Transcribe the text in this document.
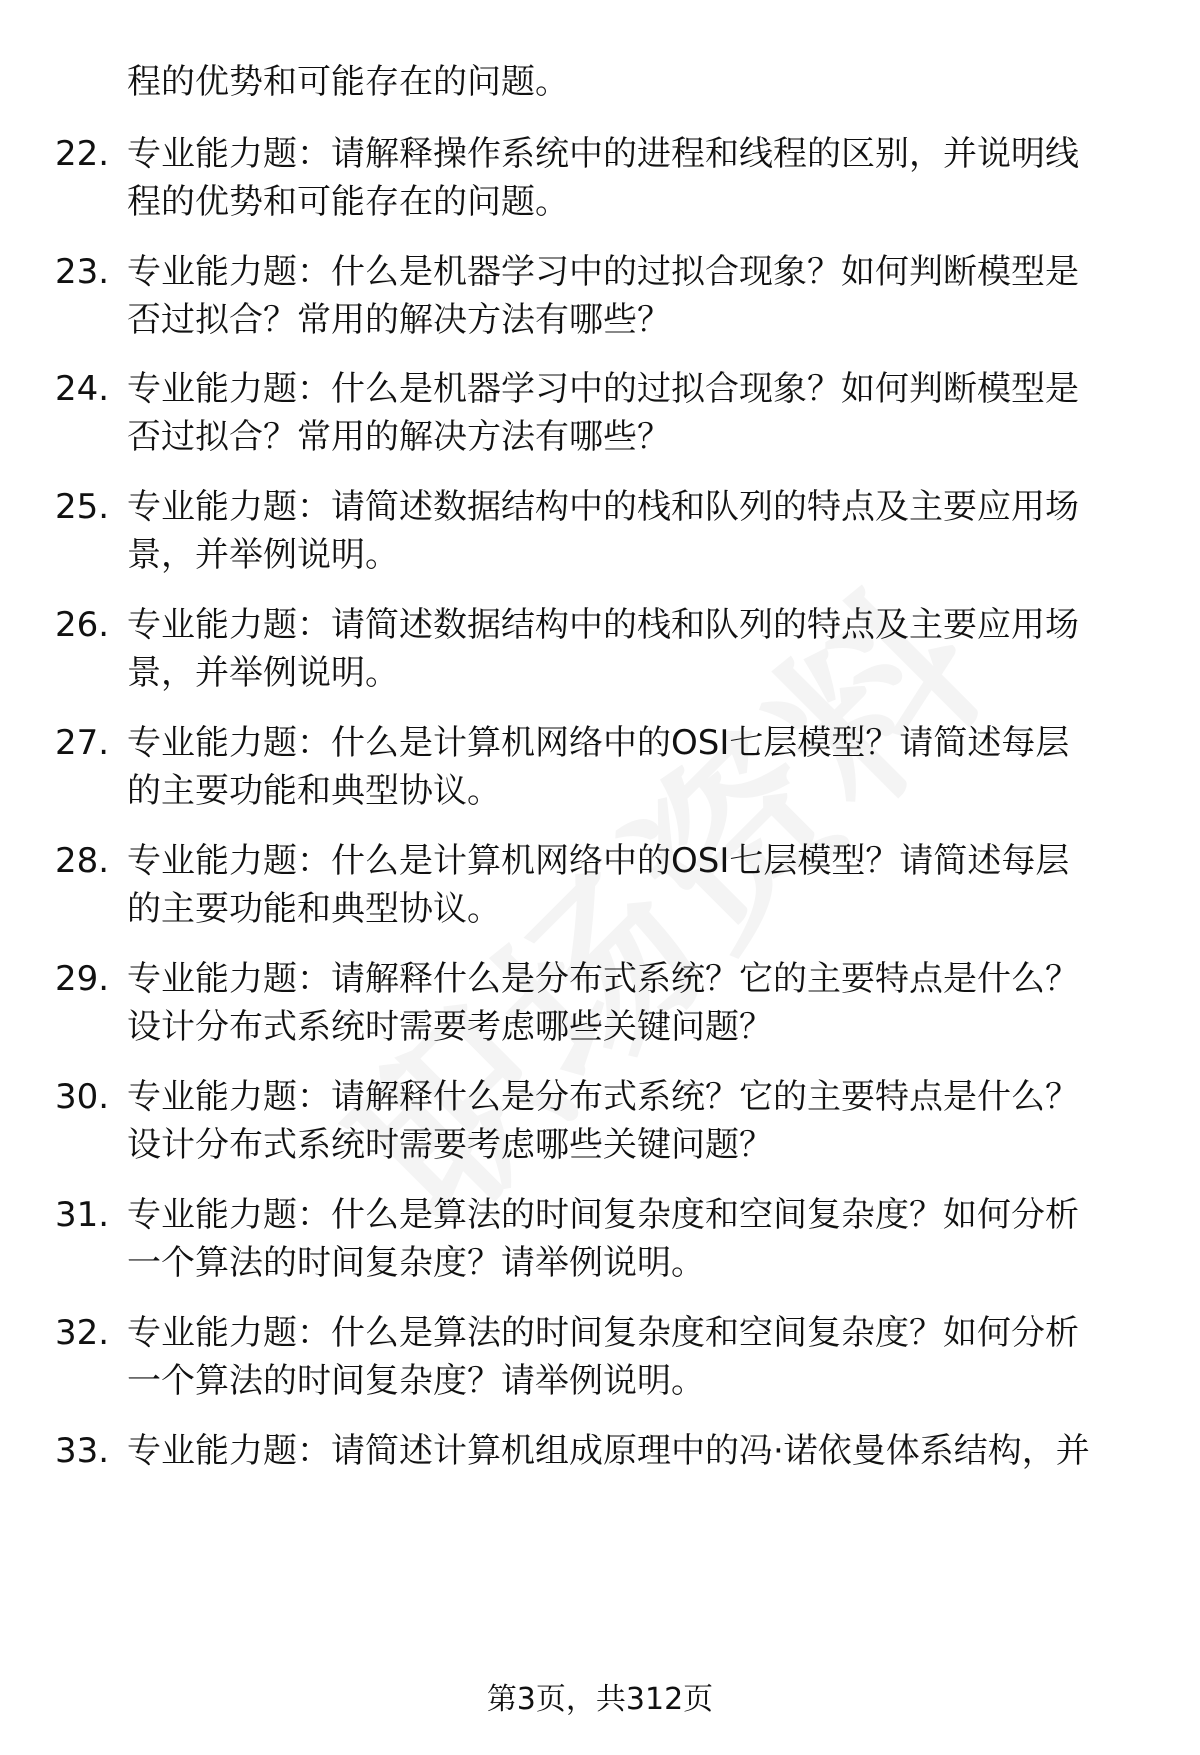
程的优势和可能存在的问题。
22. 专业能力题：请解释操作系统中的进程和线程的区别，并说明线
程的优势和可能存在的问题。
23. 专业能力题：什么是机器学习中的过拟合现象？如何判断模型是
否过拟合？常用的解决方法有哪些？
24. 专业能力题：什么是机器学习中的过拟合现象？如何判断模型是
否过拟合？常用的解决方法有哪些？
25. 专业能力题：请简述数据结构中的栈和队列的特点及主要应用场
景，并举例说明。
26. 专业能力题：请简述数据结构中的栈和队列的特点及主要应用场
景，并举例说明。
27. 专业能力题：什么是计算机网络中的OSI七层模型？请简述每层
的主要功能和典型协议。
28. 专业能力题：什么是计算机网络中的OSI七层模型？请简述每层
的主要功能和典型协议。
29. 专业能力题：请解释什么是分布式系统？它的主要特点是什么？
设计分布式系统时需要考虑哪些关键问题？
30. 专业能力题：请解释什么是分布式系统？它的主要特点是什么？
设计分布式系统时需要考虑哪些关键问题？
31. 专业能力题：什么是算法的时间复杂度和空间复杂度？如何分析
一个算法的时间复杂度？请举例说明。
32. 专业能力题：什么是算法的时间复杂度和空间复杂度？如何分析
一个算法的时间复杂度？请举例说明。
33. 专业能力题：请简述计算机组成原理中的冯·诺依曼体系结构，并
第3页，共312页
